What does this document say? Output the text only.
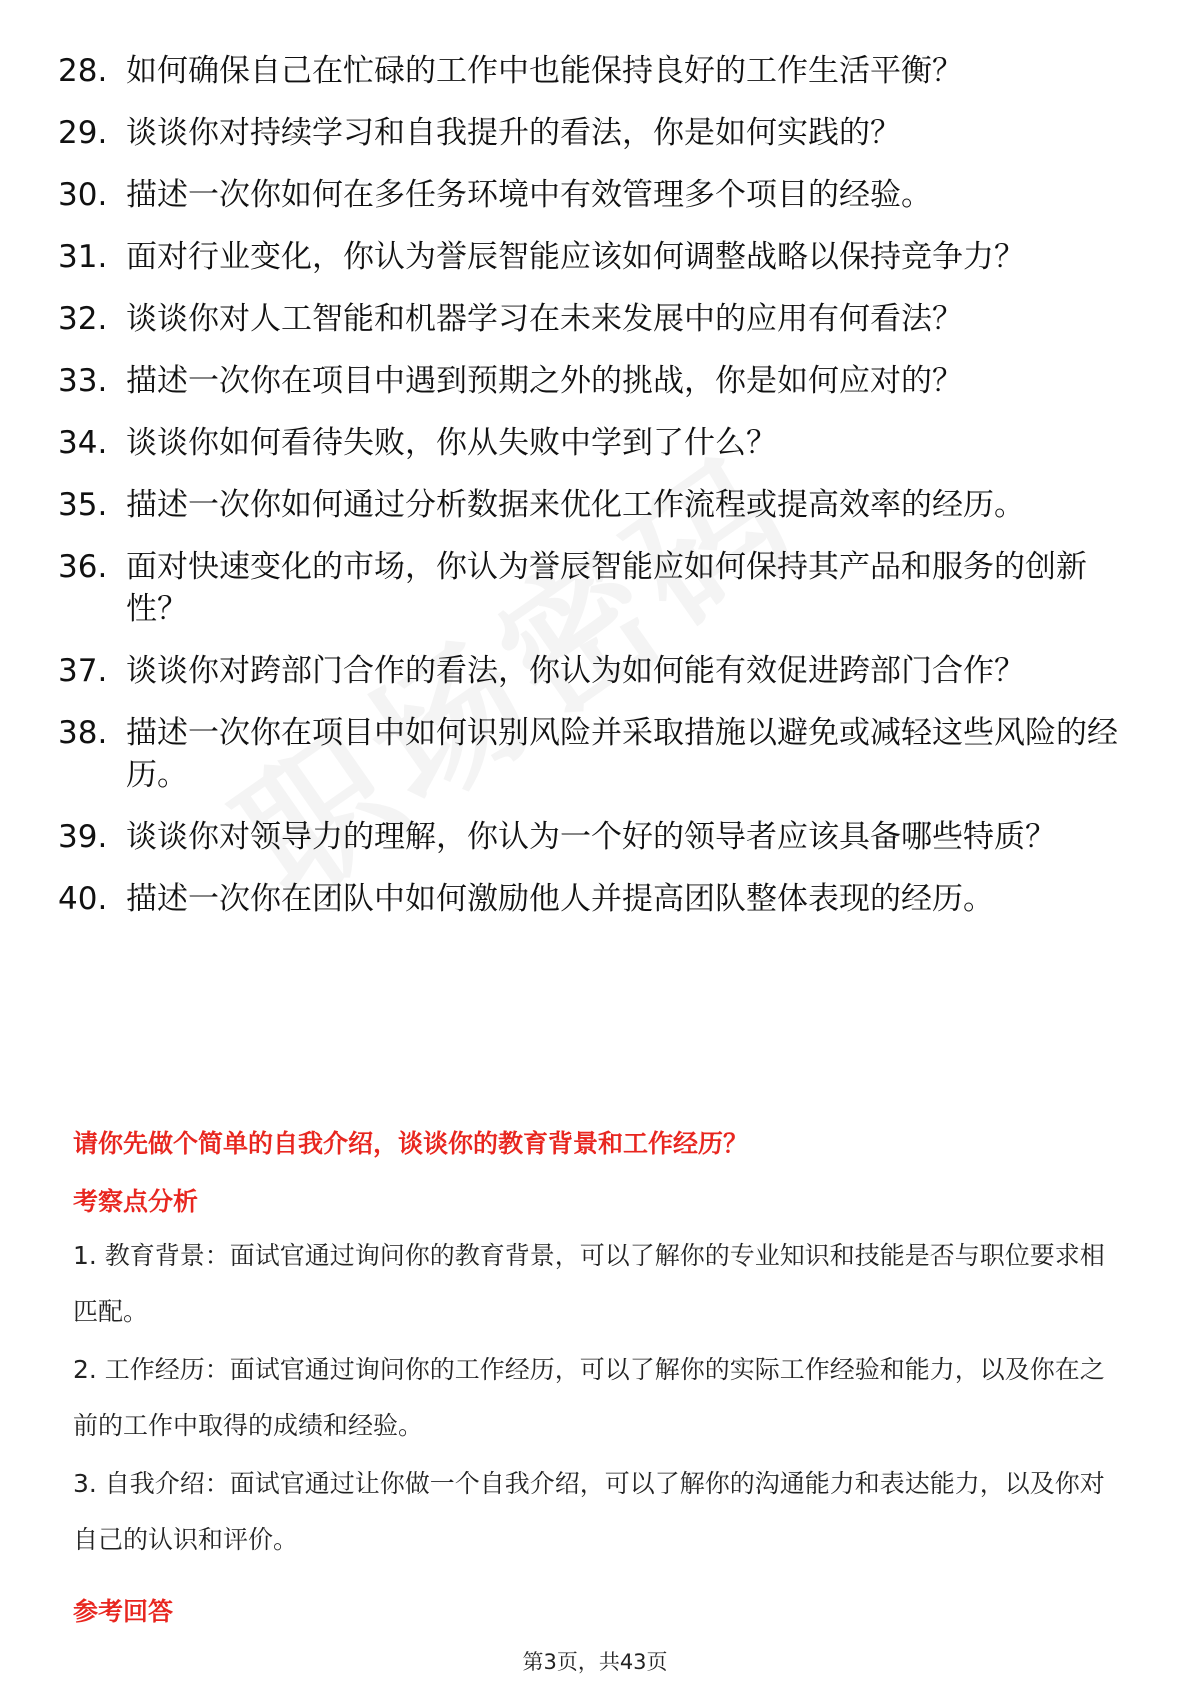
28. 如何确保自己在忙碌的工作中也能保持良好的工作生活平衡？
29. 谈谈你对持续学习和自我提升的看法，你是如何实践的？
30. 描述一次你如何在多任务环境中有效管理多个项目的经验。
31. 面对行业变化，你认为誉辰智能应该如何调整战略以保持竞争力？
32. 谈谈你对人工智能和机器学习在未来发展中的应用有何看法？
33. 描述一次你在项目中遇到预期之外的挑战，你是如何应对的？
34. 谈谈你如何看待失败，你从失败中学到了什么？
35. 描述一次你如何通过分析数据来优化工作流程或提高效率的经历。
36. 面对快速变化的市场，你认为誉辰智能应如何保持其产品和服务的创新性？
37. 谈谈你对跨部门合作的看法，你认为如何能有效促进跨部门合作？
38. 描述一次你在项目中如何识别风险并采取措施以避免或减轻这些风险的经历。
39. 谈谈你对领导力的理解，你认为一个好的领导者应该具备哪些特质？
40. 描述一次你在团队中如何激励他人并提高团队整体表现的经历。
请你先做个简单的自我介绍，谈谈你的教育背景和工作经历？
考察点分析
1. 教育背景：面试官通过询问你的教育背景，可以了解你的专业知识和技能是否与职位要求相匹配。
2. 工作经历：面试官通过询问你的工作经历，可以了解你的实际工作经验和能力，以及你在之前的工作中取得的成绩和经验。
3. 自我介绍：面试官通过让你做一个自我介绍，可以了解你的沟通能力和表达能力，以及你对自己的认识和评价。
参考回答
第3页，共43页
